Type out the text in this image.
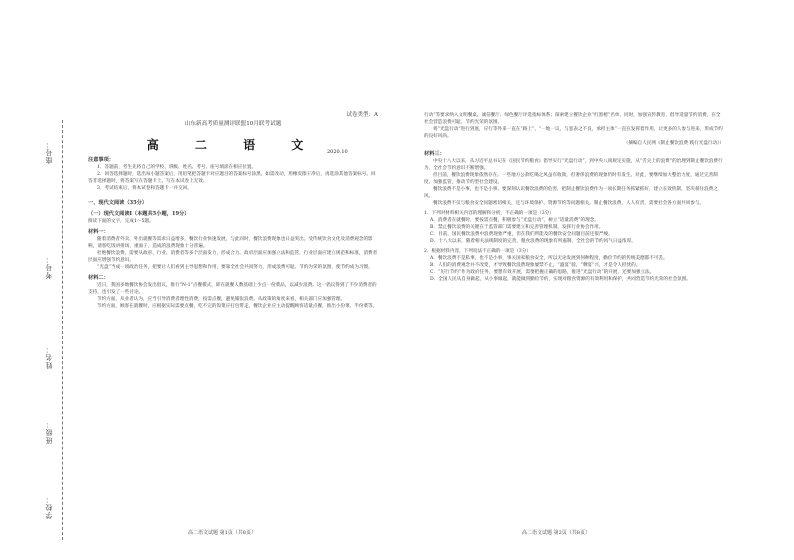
座号：
考号：
姓名：
班级：
学校：
试卷类型：A
山东新高考质量测评联盟10月联考试题
高 二 语 文
注意事项：

1．答题前，考生先将自己的学校、班级、姓名、考号、座号填涂在相应位置。

2．回答选择题时，选出每小题答案后，用铅笔把答题卡对应题目的答案标号涂黑。如需改动，用橡皮擦干净后，再选涂其他答案标号。回答非选择题时，将答案写在答题卡上。写在本试卷上无效。

3．考试结束后，将本试卷和答题卡一并交回。

一、现代文阅读（35分）
（一）现代文阅读Ⅰ（本题共5小题，19分）

阅读下面的文字，完成1～5题。

材料一：

随着消费者外卖、外出就餐等需求日益增多，餐饮行业快速发展，与此同时，餐饮浪费现象也日益突出。受传统饮食文化及消费观念的影响，请客吃饭讲排场、重面子，造成的浪费现象十分普遍。

杜绝餐饮浪费，需要从政府、行业、消费者等多个层面发力，形成合力。政府层面应加强立法和监管，行业层面应建立规范和标准，消费者层面应增强节约意识。

“光盘”当成一项政治任务，把要让人们看到主导思想和作用，要靠全社会共同努力，形成浪费可耻、节约为荣的氛围，使节约成为习惯。

材料二：

近日，我国多地餐饮协会发出倡议，推行“N-1”点餐模式，即在就餐人数基础上少点一份菜品，以减少浪费。这一倡议得到了不少消费者的支持，也引发了一些讨论。

节约方面，从业者认为，应当引导消费者理性消费，按需点餐，避免铺张浪费。从政策的角度来看，相关部门应加强管理。

节约方面，顾客在就餐时，应根据实际需要点餐，吃不完的饭菜应打包带走。餐饮企业应主动提醒顾客适量点餐，推出小份菜、半份菜等。

2020.10
高二语文试题 第1页（共8页）

行动”等要求纳入文明餐桌、诚信餐厅、绿色餐厅评选指标体系；探索建立餐饮企业“红黑榜”名单，同时，加强宣传教育，倡导适量节约消费，在全社会营造浪费可耻、节约光荣的氛围。

将“光盘行动”进行到底，应行等外来一直在“路上”、“一地一议，与恶表之不良，承担主体”一直在发挥着作用，让更多的人参与进来，形成节约的良好风尚。

（摘编自人民网《制止餐饮浪费 践行光盘行动》）

材料三：

中央十八大以来，从习近平总书记在《国民节约粮食》倡导实行“光盘行动”，到中央八项规定实施，从“舌尖上的浪费”的治理到制止餐饮浪费行为，全社会节约意识不断增强。

但目前，餐饮浪费现象依然存在。一些地方公款吃喝之风虽有收敛，但奢侈浪费的现象仍时有发生。对此，要继续加大整治力度，通过完善制度、加强监管，推动节约型社会建设。

餐饮浪费不是小事，也不是小事。要深刻认识餐饮浪费的危害，把制止餐饮浪费作为一项长期任务抓紧抓好，建立长效机制，坚决刹住浪费之风。

餐饮浪费不仅与粮食安全问题密切相关，还与环境保护、资源节约等问题相关。制止餐饮浪费，人人有责，需要社会各方面共同参与。

1．下列对材料相关内容的理解和分析，不正确的一项是（3分）

A．消费者在就餐时，要按需点餐，积极参与“光盘行动”，树立“适量消费”的理念。

B．禁止餐饮浪费的关键在于监管部门需要建立和完善管理机制，发挥行业协会作用。

C．目前，国民餐饮浪费中浪费现象严重，但在我们所能及的餐饮安全问题目前还很严峻。

D．十八大以来，随着相关法规制度的完善，粮食浪费的现象有所遏制，全社会的节约风气日益浓厚。

2．根据材料内容，下列说法不正确的一项是（3分）

A．餐饮浪费不是私事，也不是小事，事关国家粮食安全，所以无论发展到何种程度，勤俭节约的传统美德都不可丢。

B．人们的消费观念并不改变，才导致餐饮浪费现象屡禁不止，“盛宴”骑，“剩宴”兴，才是令人担忧的。

C．“厉行节约”作为政府任务，要想有效开展，需要把握正确的思路，推进“光盘行动”的开展，还要加强立法。

D．全国人民从自身做起，从小事做起，就能做到勤俭节约，实现对粮食资源的有效利用和保护，共同营造节约光荣的社会氛围。

高二语文试题 第2页（共8页）
